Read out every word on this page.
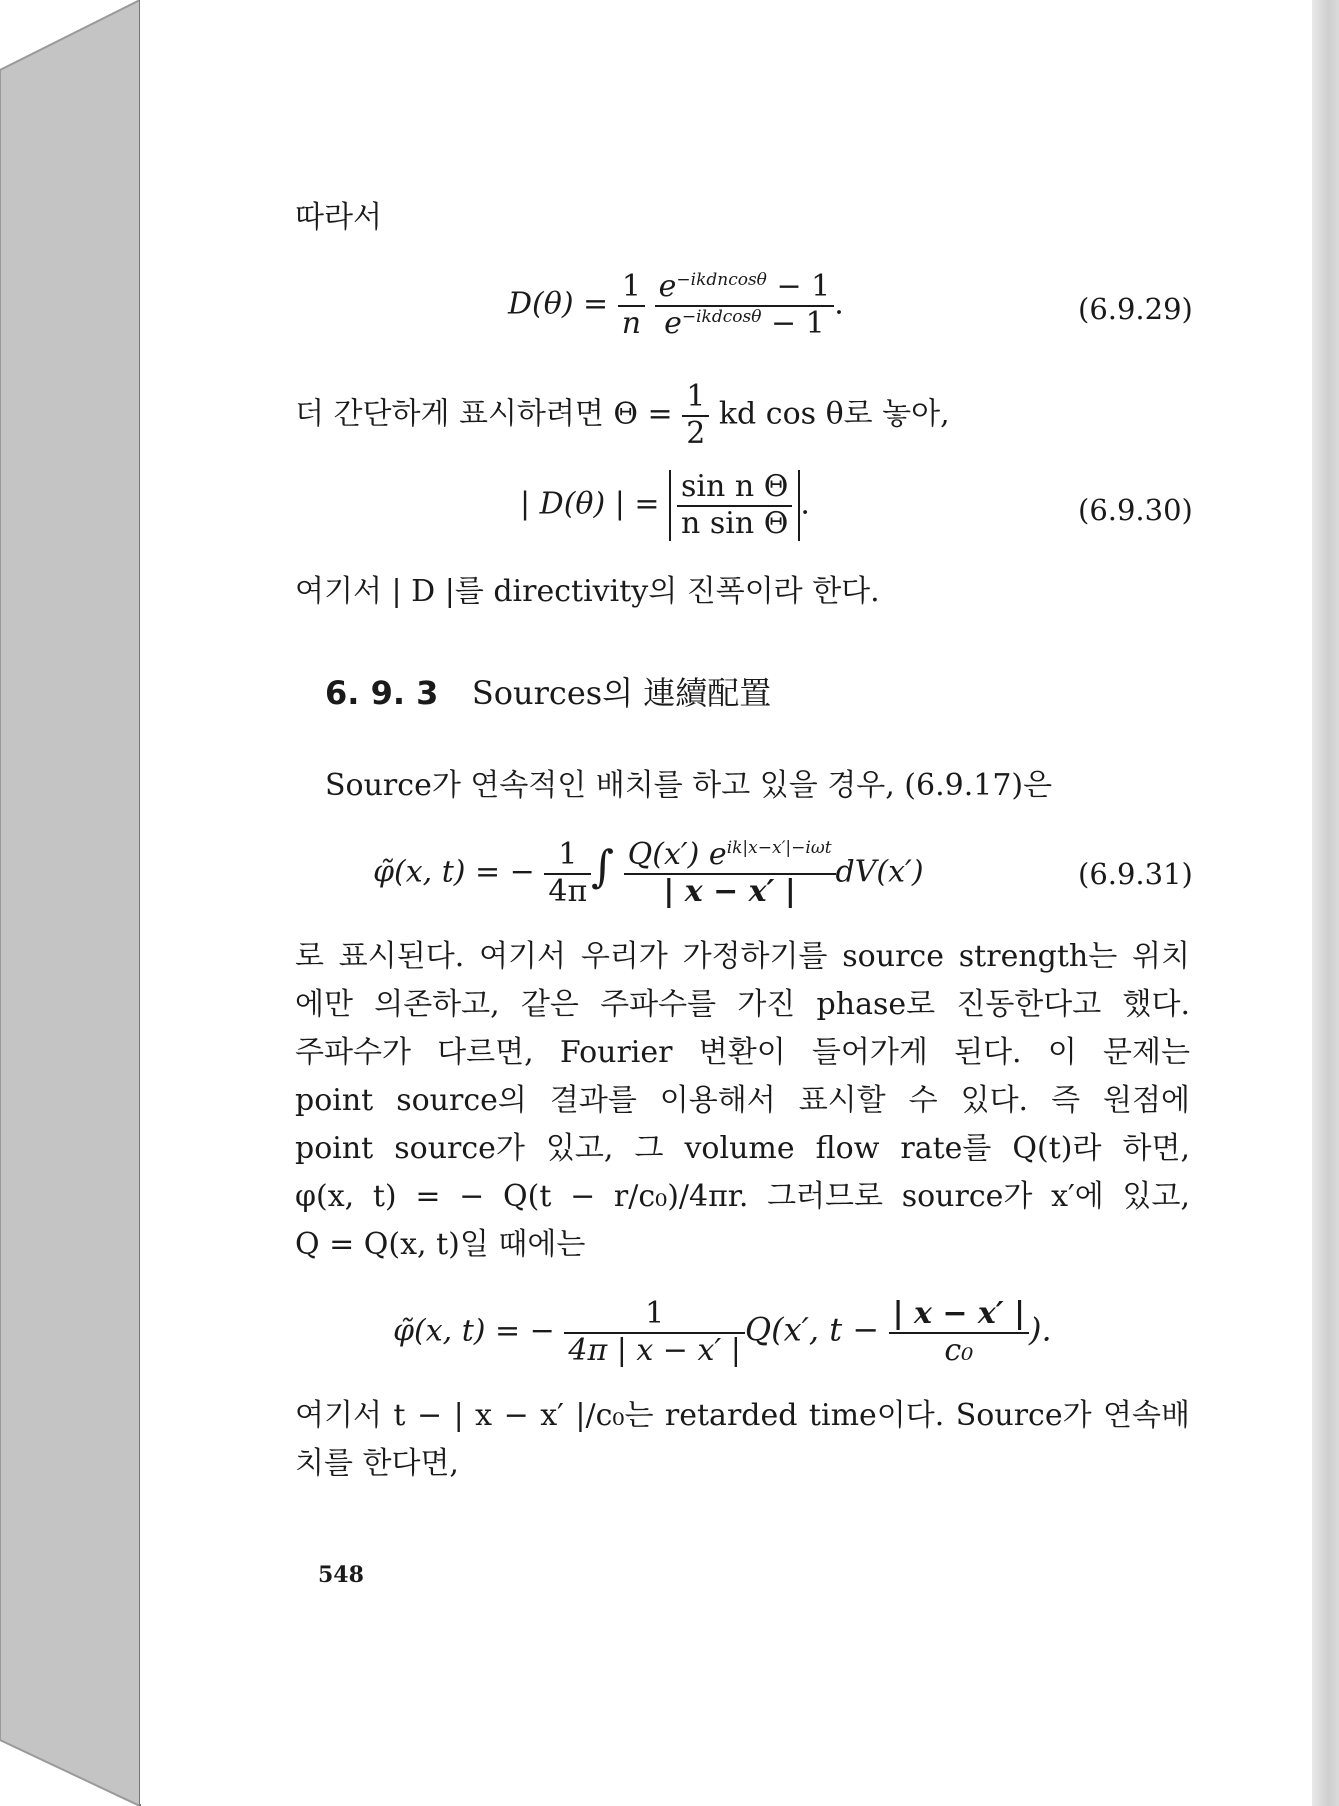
따라서
$D(\theta) = \frac{1}{n}$
$\frac{e^{-ikdncos\theta} - 1}{e^{-ikdcos\theta} - 1}$ .	(6.9.29)
더 간단하게 표시하려면 $\Theta = \frac{1}{2}$ kd cos θ로 놓아,
| D(θ) | = $\frac{\text{sin n Θ}}{\text{n sin Θ}}$ .	(6.9.30)
여기서 | D |를 directivity의 진폭이라 한다.
6. 9. 3 Sources의 連續配置
Source가 연속적인 배치를 하고 있을 경우, (6.9.17)은
φ̃(x, t) = − $\frac{1}{4\pi}$ ∫ $\frac{Q(x') e^{ik|x-x'|-i\omega t}}{| x - x' |} dV(x')$	(6.9.31)
로 표시된다. 여기서 우리가 가정하기를 source strength는 위치
에만 의존하고, 같은 주파수를 가진 phase로 진동한다고 했다.
주파수가 다르면, Fourier 변환이 들어가게 된다. 이 문제는
point source의 결과를 이용해서 표시할 수 있다. 즉 원점에
point source가 있고, 그 volume flow rate를 Q(t)라 하면,
φ(x, t) = − Q(t − r/c₀)/4πr. 그러므로 source가 x′에 있고,
Q = Q(x, t)일 때에는
φ̃(x, t) = − $\frac{1}{4\pi | x - x' |} Q(x'$, $t - \frac{| x - x' |}{\text{c₀}}$ ).
여기서 t − | x − x′ |/c₀는 retarded time이다. Source가 연속배
치를 한다면,
548
